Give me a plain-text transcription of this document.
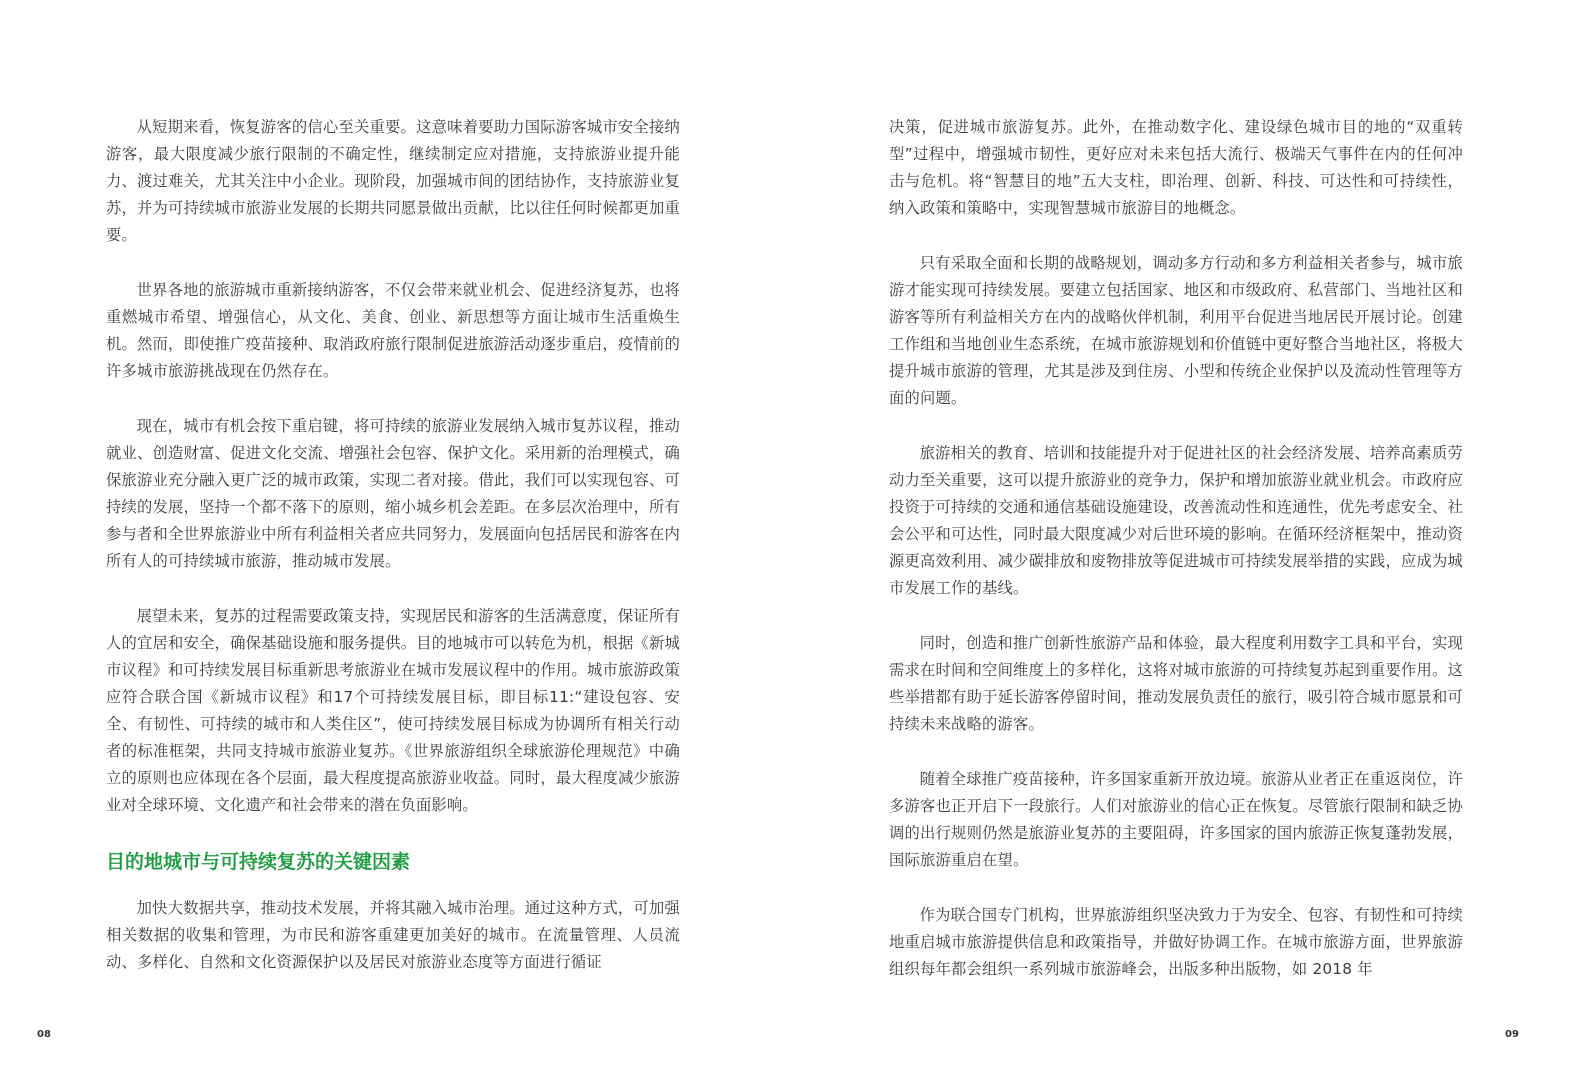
从短期来看，恢复游客的信心至关重要。这意味着要助力国际游客城市安全接纳游客，最大限度减少旅行限制的不确定性，继续制定应对措施，支持旅游业提升能力、渡过难关，尤其关注中小企业。现阶段，加强城市间的团结协作，支持旅游业复苏，并为可持续城市旅游业发展的长期共同愿景做出贡献，比以往任何时候都更加重要。

世界各地的旅游城市重新接纳游客，不仅会带来就业机会、促进经济复苏，也将重燃城市希望、增强信心，从文化、美食、创业、新思想等方面让城市生活重焕生机。然而，即使推广疫苗接种、取消政府旅行限制促进旅游活动逐步重启，疫情前的许多城市旅游挑战现在仍然存在。

现在，城市有机会按下重启键，将可持续的旅游业发展纳入城市复苏议程，推动就业、创造财富、促进文化交流、增强社会包容、保护文化。采用新的治理模式，确保旅游业充分融入更广泛的城市政策，实现二者对接。借此，我们可以实现包容、可持续的发展，坚持一个都不落下的原则，缩小城乡机会差距。在多层次治理中，所有参与者和全世界旅游业中所有利益相关者应共同努力，发展面向包括居民和游客在内所有人的可持续城市旅游，推动城市发展。

展望未来，复苏的过程需要政策支持，实现居民和游客的生活满意度，保证所有人的宜居和安全，确保基础设施和服务提供。目的地城市可以转危为机，根据《新城市议程》和可持续发展目标重新思考旅游业在城市发展议程中的作用。城市旅游政策应符合联合国《新城市议程》和17个可持续发展目标，即目标11:“建设包容、安全、有韧性、可持续的城市和人类住区”，使可持续发展目标成为协调所有相关行动者的标准框架，共同支持城市旅游业复苏。《世界旅游组织全球旅游伦理规范》中确立的原则也应体现在各个层面，最大程度提高旅游业收益。同时，最大程度减少旅游业对全球环境、文化遗产和社会带来的潜在负面影响。

目的地城市与可持续复苏的关键因素

加快大数据共享，推动技术发展，并将其融入城市治理。通过这种方式，可加强相关数据的收集和管理，为市民和游客重建更加美好的城市。在流量管理、人员流动、多样化、自然和文化资源保护以及居民对旅游业态度等方面进行循证

决策，促进城市旅游复苏。此外，在推动数字化、建设绿色城市目的地的“双重转型”过程中，增强城市韧性，更好应对未来包括大流行、极端天气事件在内的任何冲击与危机。将“智慧目的地”五大支柱，即治理、创新、科技、可达性和可持续性，纳入政策和策略中，实现智慧城市旅游目的地概念。

只有采取全面和长期的战略规划，调动多方行动和多方利益相关者参与，城市旅游才能实现可持续发展。要建立包括国家、地区和市级政府、私营部门、当地社区和游客等所有利益相关方在内的战略伙伴机制，利用平台促进当地居民开展讨论。创建工作组和当地创业生态系统，在城市旅游规划和价值链中更好整合当地社区，将极大提升城市旅游的管理，尤其是涉及到住房、小型和传统企业保护以及流动性管理等方面的问题。

旅游相关的教育、培训和技能提升对于促进社区的社会经济发展、培养高素质劳动力至关重要，这可以提升旅游业的竞争力，保护和增加旅游业就业机会。市政府应投资于可持续的交通和通信基础设施建设，改善流动性和连通性，优先考虑安全、社会公平和可达性，同时最大限度减少对后世环境的影响。在循环经济框架中，推动资源更高效利用、减少碳排放和废物排放等促进城市可持续发展举措的实践，应成为城市发展工作的基线。

同时，创造和推广创新性旅游产品和体验，最大程度利用数字工具和平台，实现需求在时间和空间维度上的多样化，这将对城市旅游的可持续复苏起到重要作用。这些举措都有助于延长游客停留时间，推动发展负责任的旅行，吸引符合城市愿景和可持续未来战略的游客。

随着全球推广疫苗接种，许多国家重新开放边境。旅游从业者正在重返岗位，许多游客也正开启下一段旅行。人们对旅游业的信心正在恢复。尽管旅行限制和缺乏协调的出行规则仍然是旅游业复苏的主要阻碍，许多国家的国内旅游正恢复蓬勃发展，国际旅游重启在望。

作为联合国专门机构，世界旅游组织坚决致力于为安全、包容、有韧性和可持续地重启城市旅游提供信息和政策指导，并做好协调工作。在城市旅游方面，世界旅游组织每年都会组织一系列城市旅游峰会，出版多种出版物，如 2018 年

08	09
